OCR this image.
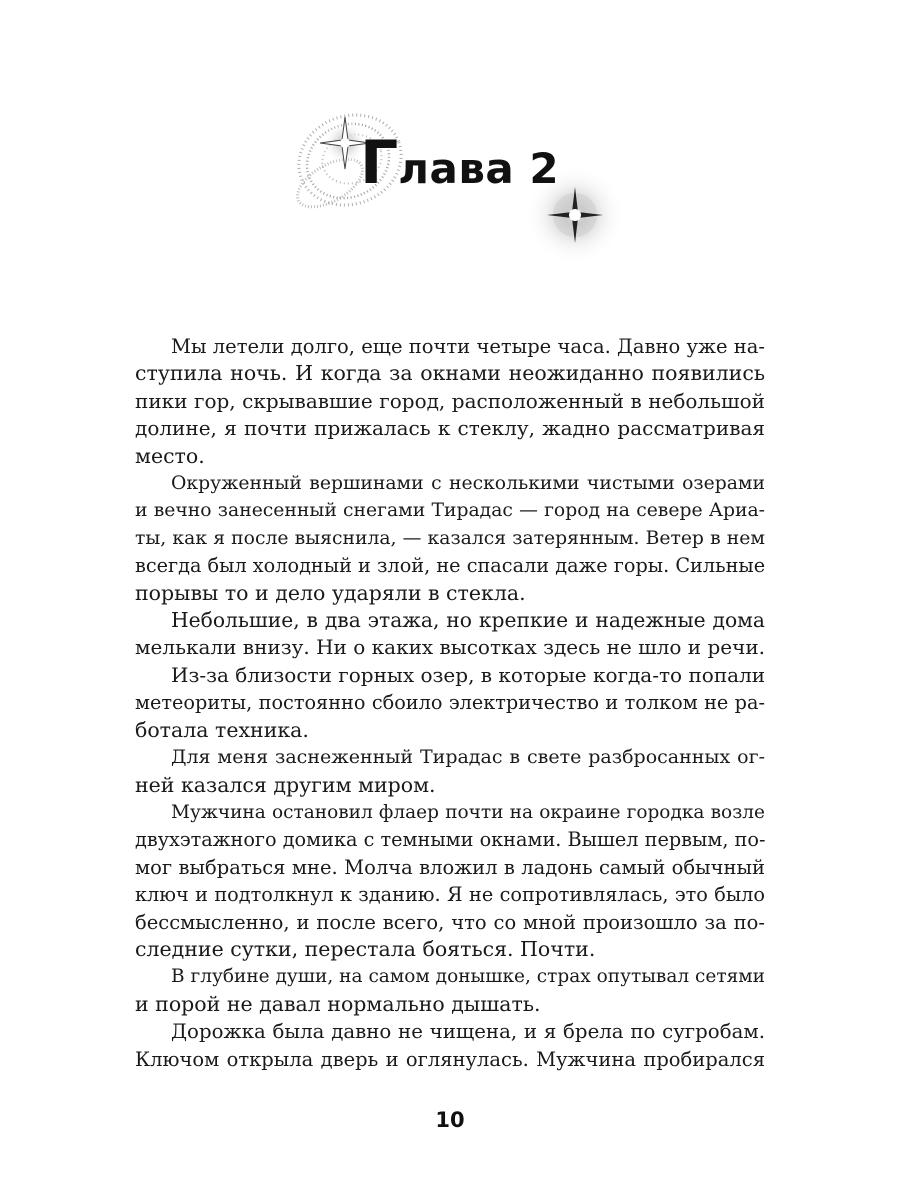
Глава 2

Мы летели долго, еще почти четыре часа. Давно уже на-
ступила ночь. И когда за окнами неожиданно появились
пики гор, скрывавшие город, расположенный в небольшой
долине, я почти прижалась к стеклу, жадно рассматривая
место.

Окруженный вершинами с несколькими чистыми озерами
и вечно занесенный снегами Тирадас — город на севере Ариа-
ты, как я после выяснила, — казался затерянным. Ветер в нем
всегда был холодный и злой, не спасали даже горы. Сильные
порывы то и дело ударяли в стекла.

Небольшие, в два этажа, но крепкие и надежные дома
мелькали внизу. Ни о каких высотках здесь не шло и речи.

Из-за близости горных озер, в которые когда-то попали
метеориты, постоянно сбоило электричество и толком не ра-
ботала техника.

Для меня заснеженный Тирадас в свете разбросанных ог-
ней казался другим миром.

Мужчина остановил флаер почти на окраине городка возле
двухэтажного домика с темными окнами. Вышел первым, по-
мог выбраться мне. Молча вложил в ладонь самый обычный
ключ и подтолкнул к зданию. Я не сопротивлялась, это было
бессмысленно, и после всего, что со мной произошло за по-
следние сутки, перестала бояться. Почти.

В глубине души, на самом донышке, страх опутывал сетями
и порой не давал нормально дышать.

Дорожка была давно не чищена, и я брела по сугробам.
Ключом открыла дверь и оглянулась. Мужчина пробирался

10
